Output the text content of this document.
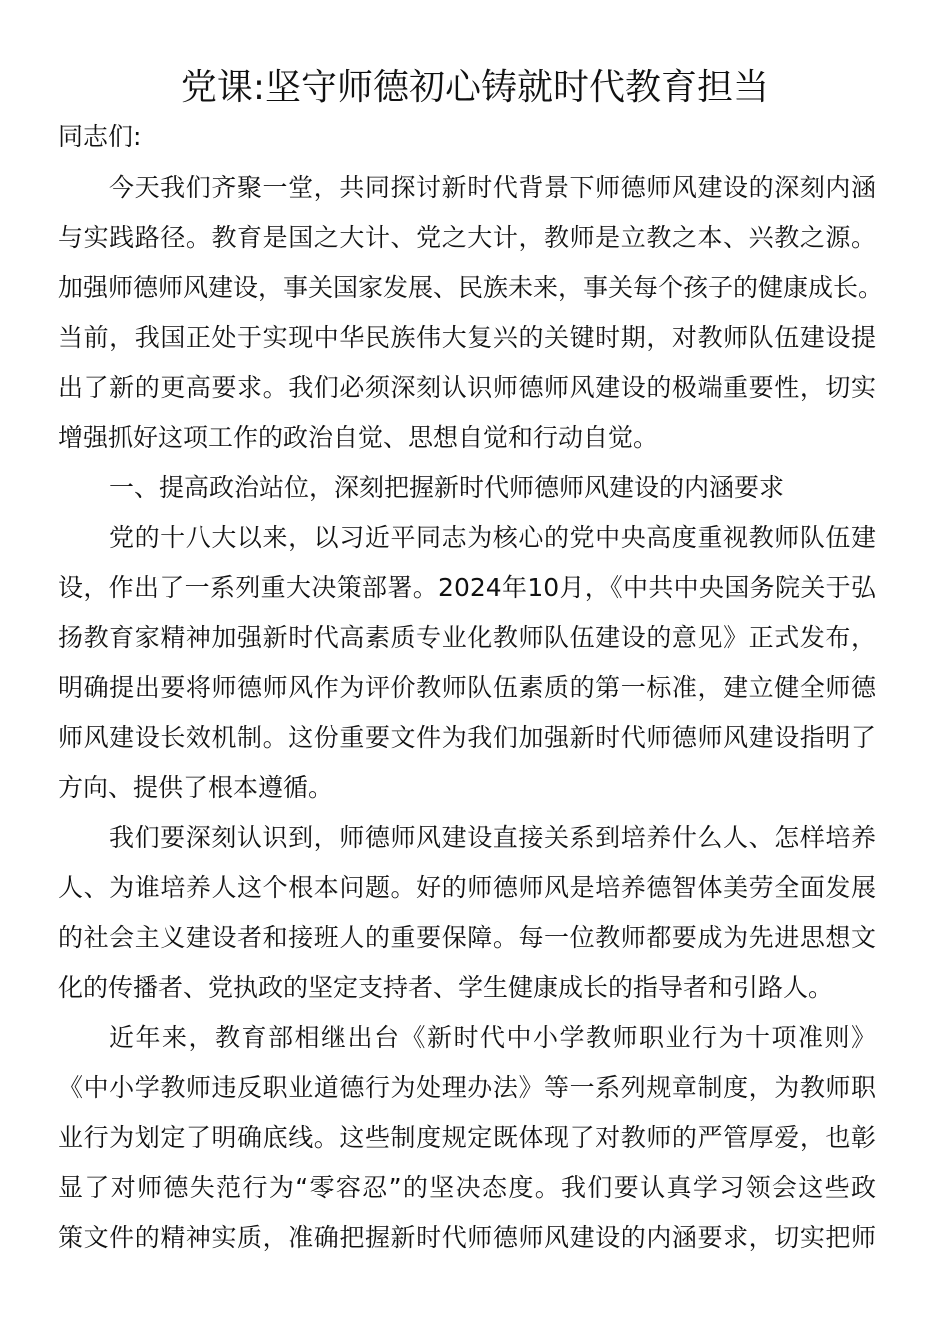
党课:坚守师德初心铸就时代教育担当
同志们:
今天我们齐聚一堂，共同探讨新时代背景下师德师风建设的深刻内涵
与实践路径。教育是国之大计、党之大计，教师是立教之本、兴教之源。
加强师德师风建设，事关国家发展、民族未来，事关每个孩子的健康成长。
当前，我国正处于实现中华民族伟大复兴的关键时期，对教师队伍建设提
出了新的更高要求。我们必须深刻认识师德师风建设的极端重要性，切实
增强抓好这项工作的政治自觉、思想自觉和行动自觉。
一、提高政治站位，深刻把握新时代师德师风建设的内涵要求
党的十八大以来，以习近平同志为核心的党中央高度重视教师队伍建
设，作出了一系列重大决策部署。2024年10月，《中共中央国务院关于弘
扬教育家精神加强新时代高素质专业化教师队伍建设的意见》正式发布，
明确提出要将师德师风作为评价教师队伍素质的第一标准，建立健全师德
师风建设长效机制。这份重要文件为我们加强新时代师德师风建设指明了
方向、提供了根本遵循。
我们要深刻认识到，师德师风建设直接关系到培养什么人、怎样培养
人、为谁培养人这个根本问题。好的师德师风是培养德智体美劳全面发展
的社会主义建设者和接班人的重要保障。每一位教师都要成为先进思想文
化的传播者、党执政的坚定支持者、学生健康成长的指导者和引路人。
近年来，教育部相继出台《新时代中小学教师职业行为十项准则》
《中小学教师违反职业道德行为处理办法》等一系列规章制度，为教师职
业行为划定了明确底线。这些制度规定既体现了对教师的严管厚爱，也彰
显了对师德失范行为“零容忍”的坚决态度。我们要认真学习领会这些政
策文件的精神实质，准确把握新时代师德师风建设的内涵要求，切实把师
